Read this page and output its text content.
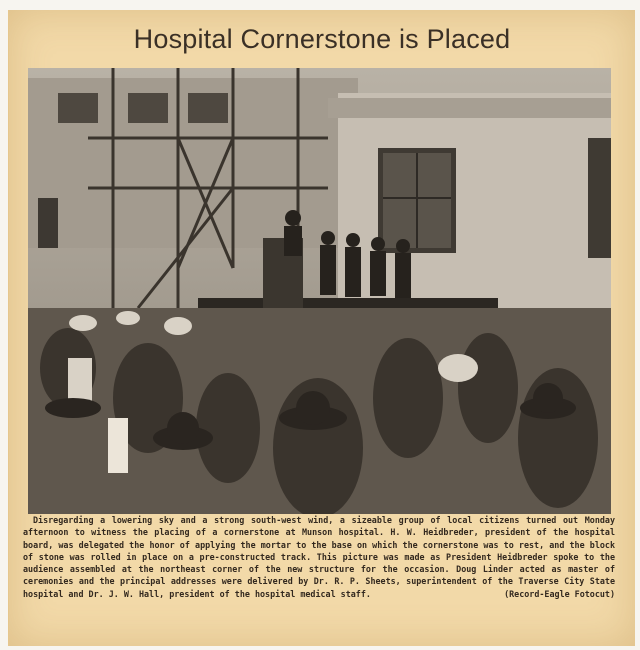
Hospital Cornerstone is Placed
Disregarding a lowering sky and a strong south-west wind, a sizeable group of local citizens turned out Monday afternoon to witness the placing of a cornerstone at Munson hospital. H. W. Heidbreder, president of the hospital board, was delegated the honor of applying the mortar to the base on which the cornerstone was to rest, and the block of stone was rolled in place on a pre-constructed track. This picture was made as President Heidbreder spoke to the audience assembled at the northeast corner of the new structure for the occasion. Doug Linder acted as master of ceremonies and the principal addresses were delivered by Dr. R. P. Sheets, superintendent of the Traverse City State hospital and Dr. J. W. Hall, president of the hospital medical staff.	(Record-Eagle Fotocut)
